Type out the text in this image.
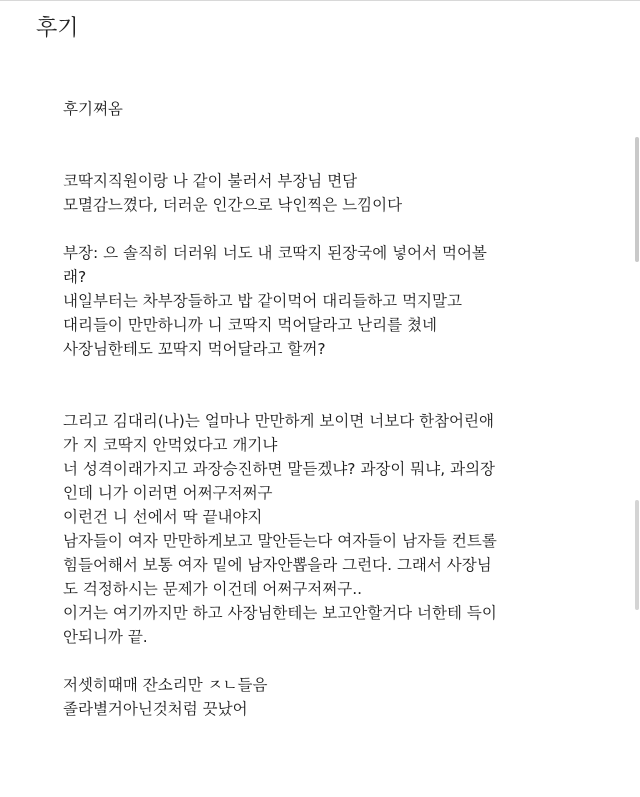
후기

후기쪄옴

코딱지직원이랑 나 같이 불러서 부장님 면담

모멸감느꼈다, 더러운 인간으로 낙인찍은 느낌이다

부장: 으 솔직히 더러워 너도 내 코딱지 된장국에 넣어서 먹어볼

래?

내일부터는 차부장들하고 밥 같이먹어 대리들하고 먹지말고

대리들이 만만하니까 니 코딱지 먹어달라고 난리를 쳤네

사장님한테도 꼬딱지 먹어달라고 할꺼?

그리고 김대리(나)는 얼마나 만만하게 보이면 너보다 한참어린애

가 지 코딱지 안먹었다고 개기냐

너 성격이래가지고 과장승진하면 말듣겠냐? 과장이 뭐냐, 과의장

인데 니가 이러면 어쩌구저쩌구

이런건 니 선에서 딱 끝내야지

남자들이 여자 만만하게보고 말안듣는다 여자들이 남자들 컨트롤

힘들어해서 보통 여자 밑에 남자안뽑을라 그런다. 그래서 사장님

도 걱정하시는 문제가 이건데 어쩌구저쩌구..

이거는 여기까지만 하고 사장님한테는 보고안할거다 너한테 득이

안되니까 끝.

저셋히때매 잔소리만 ㅈㄴ들음

졸라별거아닌것처럼 끗났어
